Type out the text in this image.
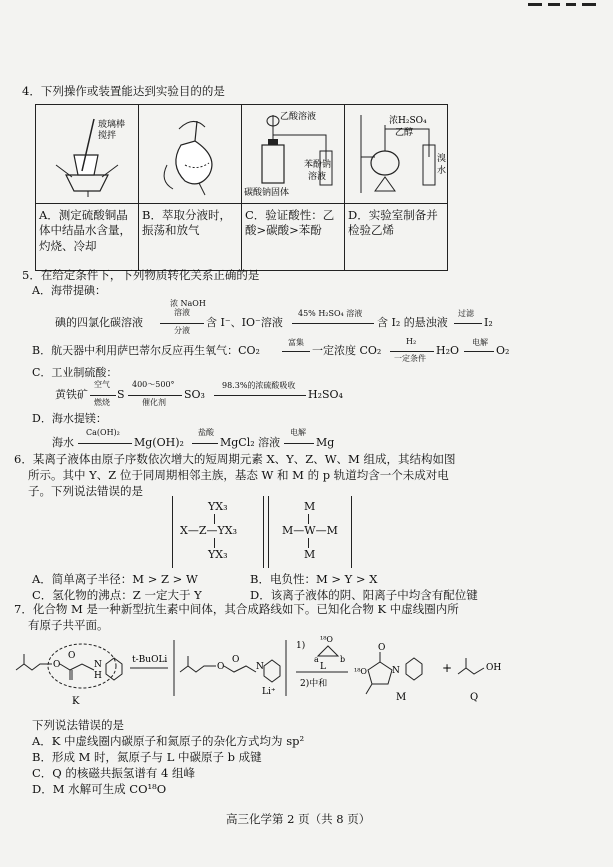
4．下列操作或装置能达到实验目的的是
玻璃棒
搅拌		乙酸溶液
碳酸钠固体
苯酚钠
溶液	浓H₂SO₄
乙醇
溴
水

A．测定硫酸铜晶体中结晶水含量，灼烧、冷却	B．萃取分液时，振荡和放气	C．验证酸性：乙酸>碳酸>苯酚	D．实验室制备并检验乙烯
5．在给定条件下，下列物质转化关系正确的是
A．海带提碘：
碘的四氯化碳溶液
浓 NaOH
溶液
分液
含 I⁻、IO⁻溶液
45% H₂SO₄ 溶液
含 I₂ 的悬浊液
过滤
I₂
B．航天器中利用萨巴蒂尔反应再生氧气：CO₂
富集
一定浓度 CO₂
H₂
一定条件
H₂O
电解
O₂
C．工业制硫酸：
黄铁矿
空气
燃烧
S
400～500°
催化剂
SO₃
98.3%的浓硫酸吸收
H₂SO₄
D．海水提镁：
海水
Ca(OH)₂
Mg(OH)₂
盐酸
MgCl₂ 溶液
电解
Mg
6．某离子液体由原子序数依次增大的短周期元素 X、Y、Z、W、M 组成，其结构如图
所示。其中 Y、Z 位于同周期相邻主族，基态 W 和 M 的 p 轨道均含一个未成对电
子。下列说法错误的是
YX₃
X—Z—YX₃
YX₃
M
M—W—M
M
A．简单离子半径：M > Z > W	B．电负性：M > Y > X
C．氢化物的沸点：Z 一定大于 Y	D．该离子液体的阴、阳离子中均含有配位键
7．化合物 M 是一种新型抗生素中间体，其合成路线如下。已知化合物 K 中虚线圈内所
有原子共平面。
O
O
N
H
K
t-BuOLi
O
O
N
Li⁺
1)
¹⁸O
a	b
L
2)中和
¹⁸O
O
N
M
+	OH
Q
下列说法错误的是
A．K 中虚线圈内碳原子和氮原子的杂化方式均为 sp²
B．形成 M 时，氮原子与 L 中碳原子 b 成键
C．Q 的核磁共振氢谱有 4 组峰
D．M 水解可生成 CO¹⁸O
高三化学第 2 页（共 8 页）
